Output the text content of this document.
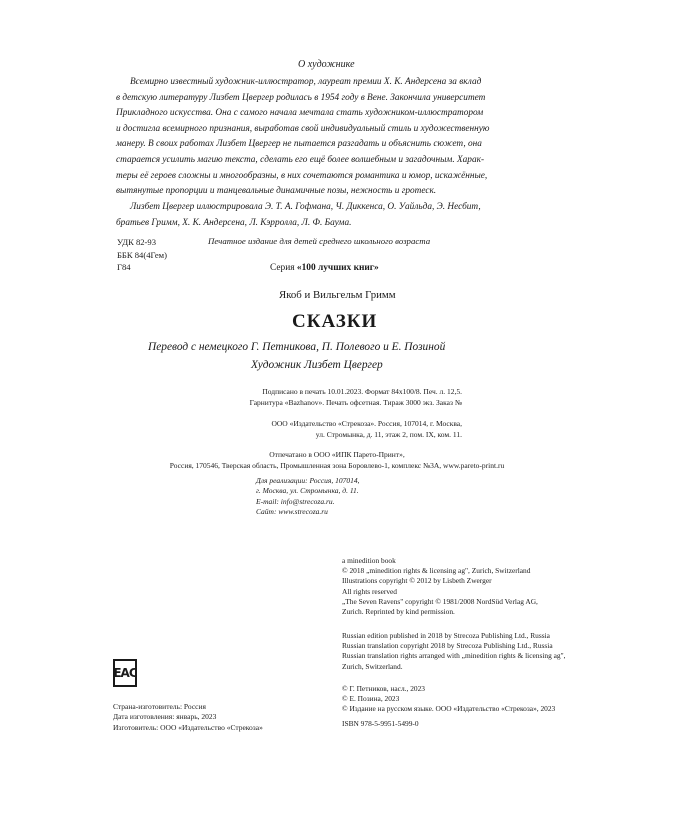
О художнике
Всемирно известный художник-иллюстратор, лауреат премии Х. К. Андерсена за вклад
в детскую литературу Лизбет Цвергер родилась в 1954 году в Вене. Закончила университет
Прикладного искусства. Она с самого начала мечтала стать художником-иллюстратором
и достигла всемирного признания, выработав свой индивидуальный стиль и художественную
манеру. В своих работах Лизбет Цвергер не пытается разгадать и объяснить сюжет, она
старается усилить магию текста, сделать его ещё более волшебным и загадочным. Харак-
теры её героев сложны и многообразны, в них сочетаются романтика и юмор, искажённые,
вытянутые пропорции и танцевальные динамичные позы, нежность и гротеск.
Лизбет Цвергер иллюстрировала Э. Т. А. Гофмана, Ч. Диккенса, О. Уайльда, Э. Несбит,
братьев Гримм, Х. К. Андерсена, Л. Кэрролла, Л. Ф. Баума.
УДК 82-93
ББК 84(4Гем)
Г84
Печатное издание для детей среднего школьного возраста
Серия «100 лучших книг»
Якоб и Вильгельм Гримм
СКАЗКИ
Перевод с немецкого Г. Петникова, П. Полевого и Е. Позиной
Художник Лизбет Цвергер
Подписано в печать 10.01.2023. Формат 84x100/8. Печ. л. 12,5.
Гарнитура «Bazhanov». Печать офсетная. Тираж 3000 экз. Заказ №
ООО «Издательство «Стрекоза». Россия, 107014, г. Москва,
ул. Стромынка, д. 11, этаж 2, пом. IX, ком. 11.
Отпечатано в ООО «ИПК Парето-Принт»,
Россия, 170546, Тверская область, Промышленная зона Боровлево-1, комплекс №3А, www.pareto-print.ru
Для реализации: Россия, 107014,
г. Москва, ул. Стромынка, д. 11.
E-mail: info@strecoza.ru.
Сайт: www.strecoza.ru
a minedition book
© 2018 „minedition rights & licensing ag", Zurich, Switzerland
Illustrations copyright © 2012 by Lisbeth Zwerger
All rights reserved
„The Seven Ravens" copyright © 1981/2008 NordSüd Verlag AG,
Zurich. Reprinted by kind permission.
Russian edition published in 2018 by Strecoza Publishing Ltd., Russia
Russian translation copyright 2018 by Strecoza Publishing Ltd., Russia
Russian translation rights arranged with „minedition rights & licensing ag",
Zurich, Switzerland.
© Г. Петников, насл., 2023
© Е. Позина, 2023
© Издание на русском языке. ООО «Издательство «Стрекоза», 2023
ISBN 978-5-9951-5499-0
EAC
Страна-изготовитель: Россия
Дата изготовления: январь, 2023
Изготовитель: ООО «Издательство «Стрекоза»
